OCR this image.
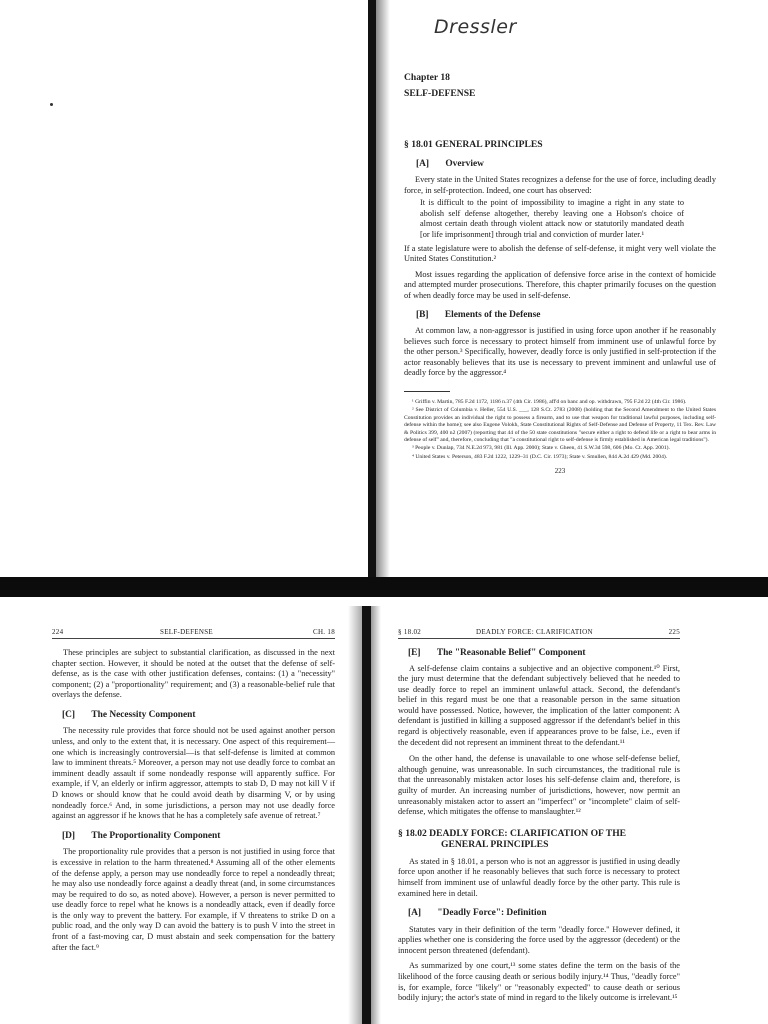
Dressler
Chapter 18
SELF-DEFENSE
§ 18.01 GENERAL PRINCIPLES
[A] Overview

Every state in the United States recognizes a defense for the use of force, including deadly force, in self-protection. Indeed, one court has observed:

It is difficult to the point of impossibility to imagine a right in any state to abolish self defense altogether, thereby leaving one a Hobson's choice of almost certain death through violent attack now or statutorily mandated death [or life imprisonment] through trial and conviction of murder later.¹

If a state legislature were to abolish the defense of self-defense, it might very well violate the United States Constitution.²

Most issues regarding the application of defensive force arise in the context of homicide and attempted murder prosecutions. Therefore, this chapter primarily focuses on the question of when deadly force may be used in self-defense.

[B] Elements of the Defense

At common law, a non-aggressor is justified in using force upon another if he reasonably believes such force is necessary to protect himself from imminent use of unlawful force by the other person.³ Specifically, however, deadly force is only justified in self-protection if the actor reasonably believes that its use is necessary to prevent imminent and unlawful use of deadly force by the aggressor.⁴

¹ Griffin v. Martin, 785 F.2d 1172, 1186 n.37 (4th Cir. 1986), aff'd on banc and op. withdrawn, 795 F.2d 22 (4th Cir. 1986).

² See District of Columbia v. Heller, 554 U.S. ___, 128 S.Ct. 2783 (2008) (holding that the Second Amendment to the United States Constitution provides an individual the right to possess a firearm, and to use that weapon for traditional lawful purposes, including self-defense within the home); see also Eugene Volokh, State Constitutional Rights of Self-Defense and Defense of Property, 11 Tex. Rev. Law & Politics 399, 400 n2 (2007) (reporting that 44 of the 50 state constitutions "secure either a right to defend life or a right to bear arms in defense of self" and, therefore, concluding that "a constitutional right to self-defense is firmly established in American legal traditions").

³ People v. Dunlap, 734 N.E.2d 973, 981 (Ill. App. 2000); State v. Gheen, 41 S.W.3d 598, 606 (Mo. Ct. App. 2001).

⁴ United States v. Peterson, 483 F.2d 1222, 1229–31 (D.C. Cir. 1973); State v. Smullen, 844 A.2d 429 (Md. 2004).

223
224	SELF-DEFENSE	CH. 18

These principles are subject to substantial clarification, as discussed in the next chapter section. However, it should be noted at the outset that the defense of self-defense, as is the case with other justification defenses, contains: (1) a "necessity" component; (2) a "proportionality" requirement; and (3) a reasonable-belief rule that overlays the defense.

[C] The Necessity Component

The necessity rule provides that force should not be used against another person unless, and only to the extent that, it is necessary. One aspect of this requirement—one which is increasingly controversial—is that self-defense is limited at common law to imminent threats.⁵ Moreover, a person may not use deadly force to combat an imminent deadly assault if some nondeadly response will apparently suffice. For example, if V, an elderly or infirm aggressor, attempts to stab D, D may not kill V if D knows or should know that he could avoid death by disarming V, or by using nondeadly force.⁶ And, in some jurisdictions, a person may not use deadly force against an aggressor if he knows that he has a completely safe avenue of retreat.⁷

[D] The Proportionality Component

The proportionality rule provides that a person is not justified in using force that is excessive in relation to the harm threatened.⁸ Assuming all of the other elements of the defense apply, a person may use nondeadly force to repel a nondeadly threat; he may also use nondeadly force against a deadly threat (and, in some circumstances may be required to do so, as noted above). However, a person is never permitted to use deadly force to repel what he knows is a nondeadly attack, even if deadly force is the only way to prevent the battery. For example, if V threatens to strike D on a public road, and the only way D can avoid the battery is to push V into the street in front of a fast-moving car, D must abstain and seek compensation for the battery after the fact.⁹

§ 18.02	DEADLY FORCE: CLARIFICATION	225
[E] The "Reasonable Belief" Component

A self-defense claim contains a subjective and an objective component.¹⁰ First, the jury must determine that the defendant subjectively believed that he needed to use deadly force to repel an imminent unlawful attack. Second, the defendant's belief in this regard must be one that a reasonable person in the same situation would have possessed. Notice, however, the implication of the latter component: A defendant is justified in killing a supposed aggressor if the defendant's belief in this regard is objectively reasonable, even if appearances prove to be false, i.e., even if the decedent did not represent an imminent threat to the defendant.¹¹

On the other hand, the defense is unavailable to one whose self-defense belief, although genuine, was unreasonable. In such circumstances, the traditional rule is that the unreasonably mistaken actor loses his self-defense claim and, therefore, is guilty of murder. An increasing number of jurisdictions, however, now permit an unreasonably mistaken actor to assert an "imperfect" or "incomplete" claim of self-defense, which mitigates the offense to manslaughter.¹²

§ 18.02 DEADLY FORCE: CLARIFICATION OF THE
GENERAL PRINCIPLES

As stated in § 18.01, a person who is not an aggressor is justified in using deadly force upon another if he reasonably believes that such force is necessary to protect himself from imminent use of unlawful deadly force by the other party. This rule is examined here in detail.

[A] "Deadly Force": Definition

Statutes vary in their definition of the term "deadly force." However defined, it applies whether one is considering the force used by the aggressor (decedent) or the innocent person threatened (defendant).

As summarized by one court,¹³ some states define the term on the basis of the likelihood of the force causing death or serious bodily injury.¹⁴ Thus, "deadly force" is, for example, force "likely" or "reasonably expected" to cause death or serious bodily injury; the actor's state of mind in regard to the likely outcome is irrelevant.¹⁵
